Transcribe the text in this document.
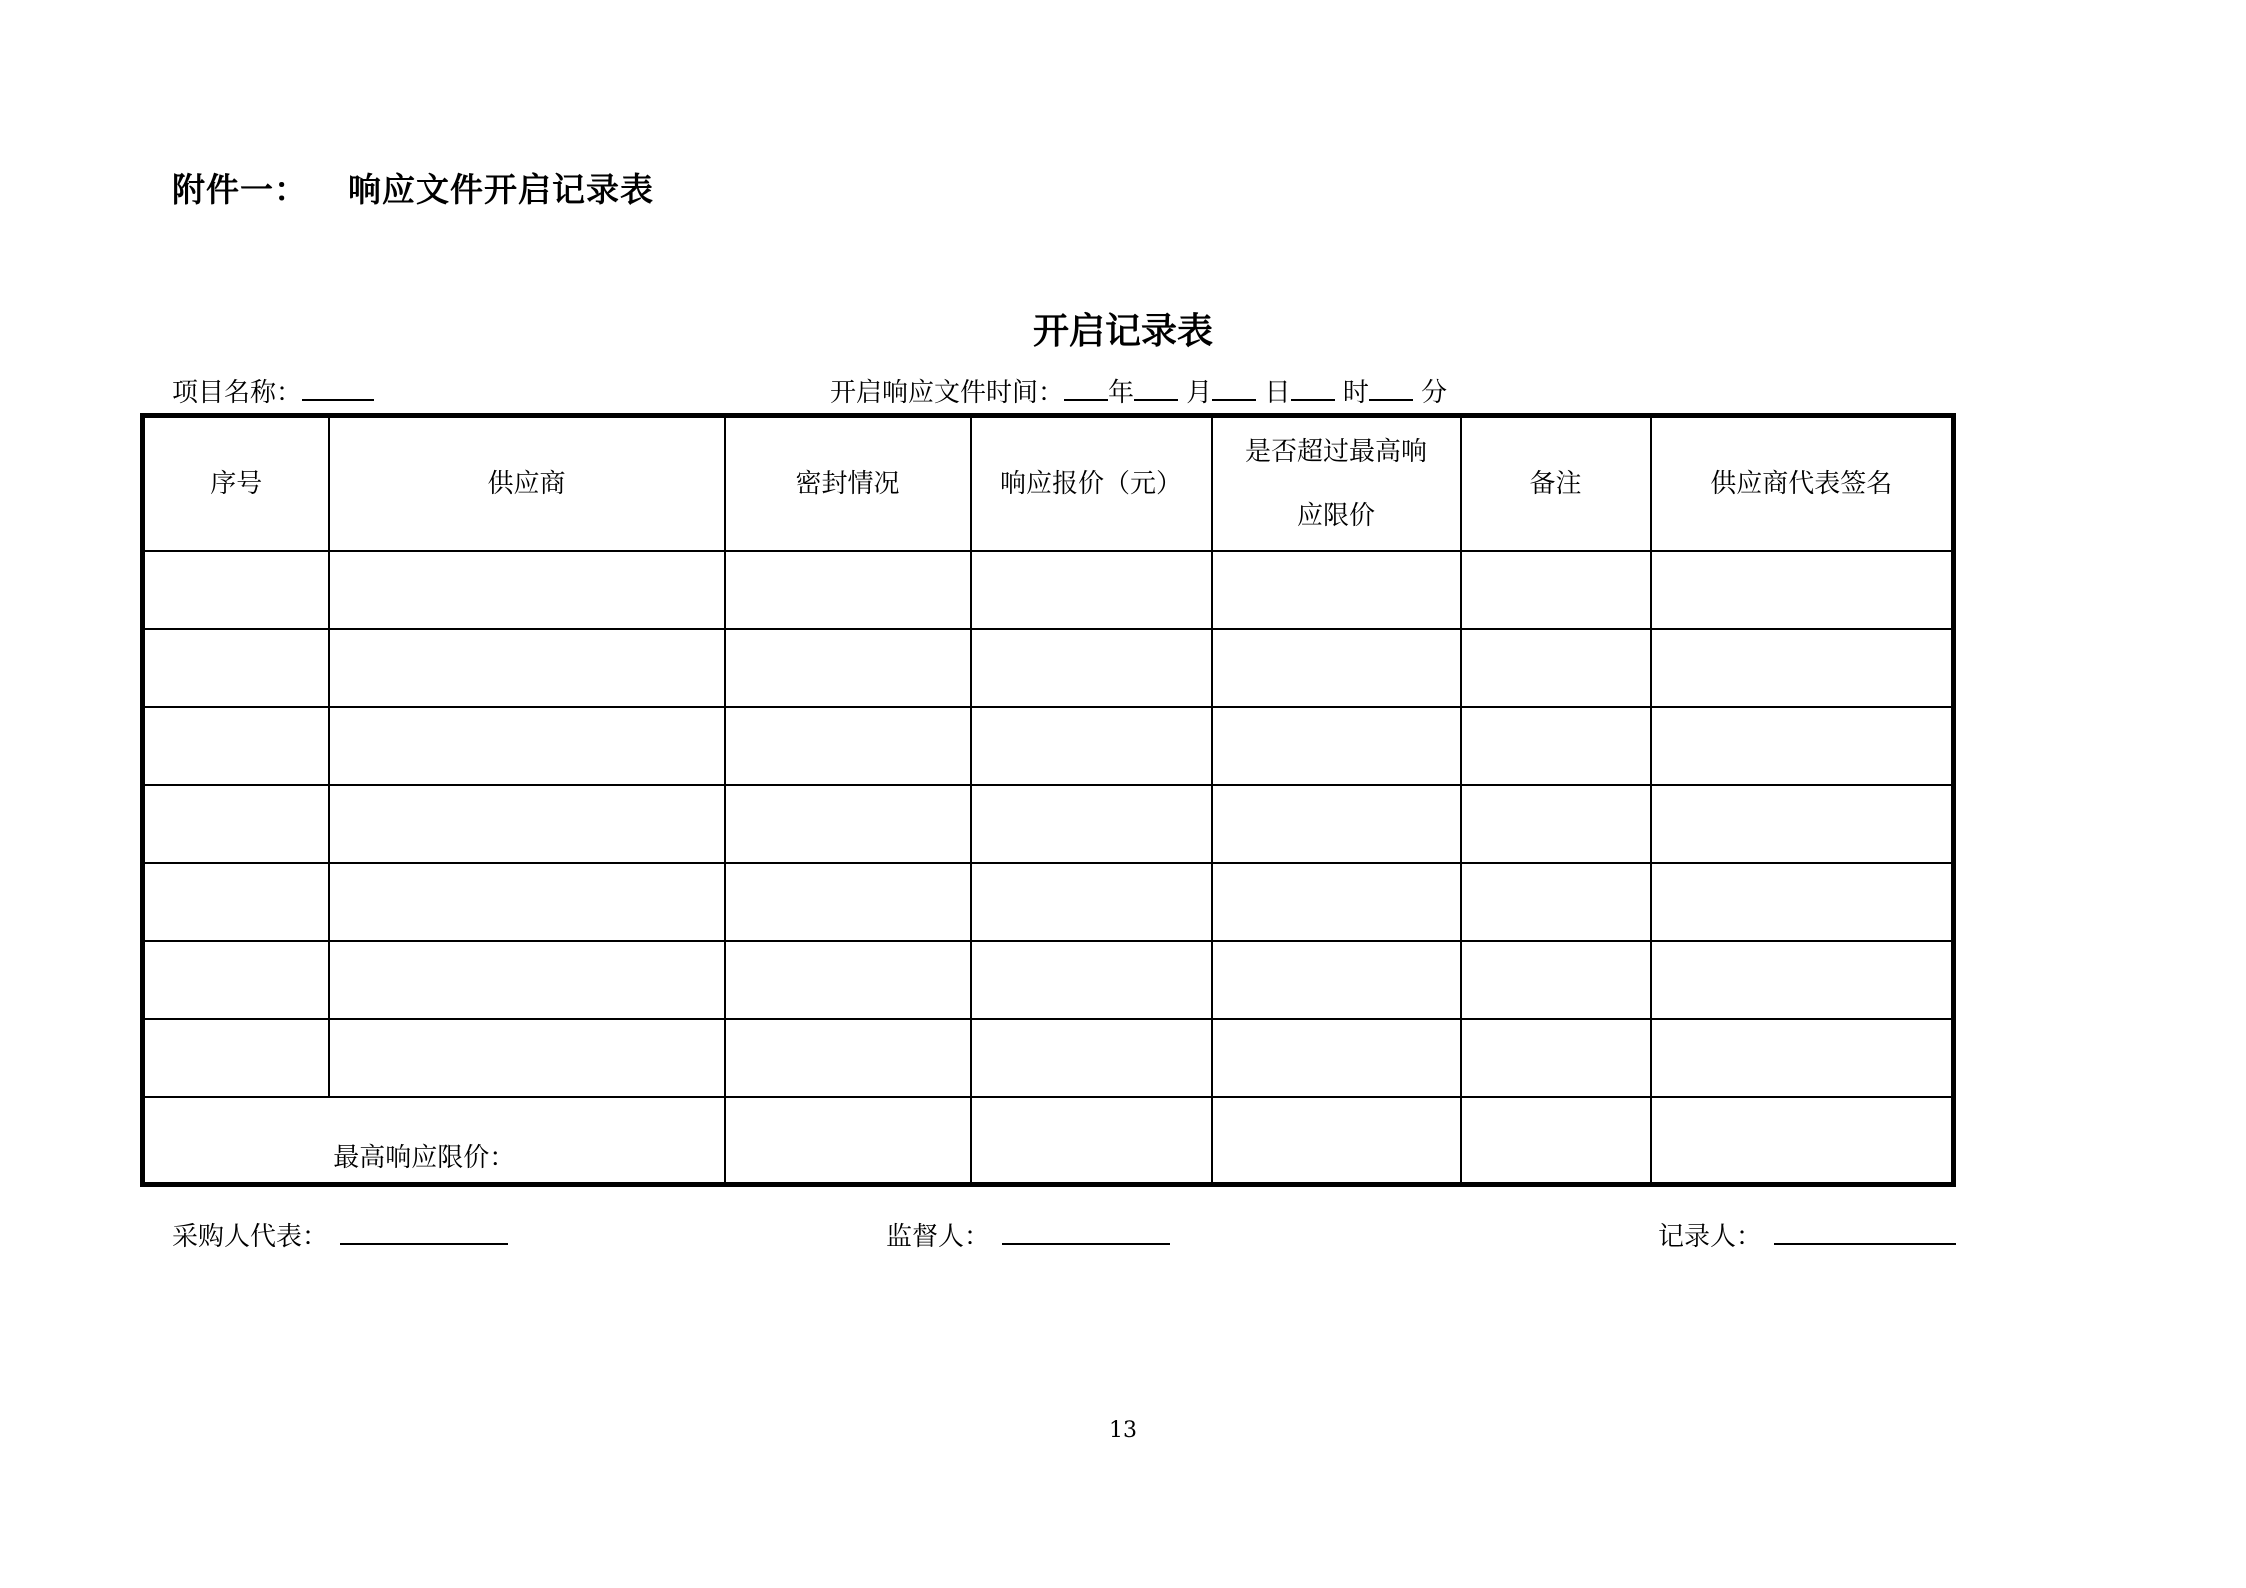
附件一： 响应文件开启记录表
开启记录表
项目名称：	开启响应文件时间： 年 月 日 时 分
序号	供应商	密封情况	响应报价（元）	是否超过最高响
应限价	备注	供应商代表签名

最高响应限价：						
采购人代表：	监督人：	记录人：
13
